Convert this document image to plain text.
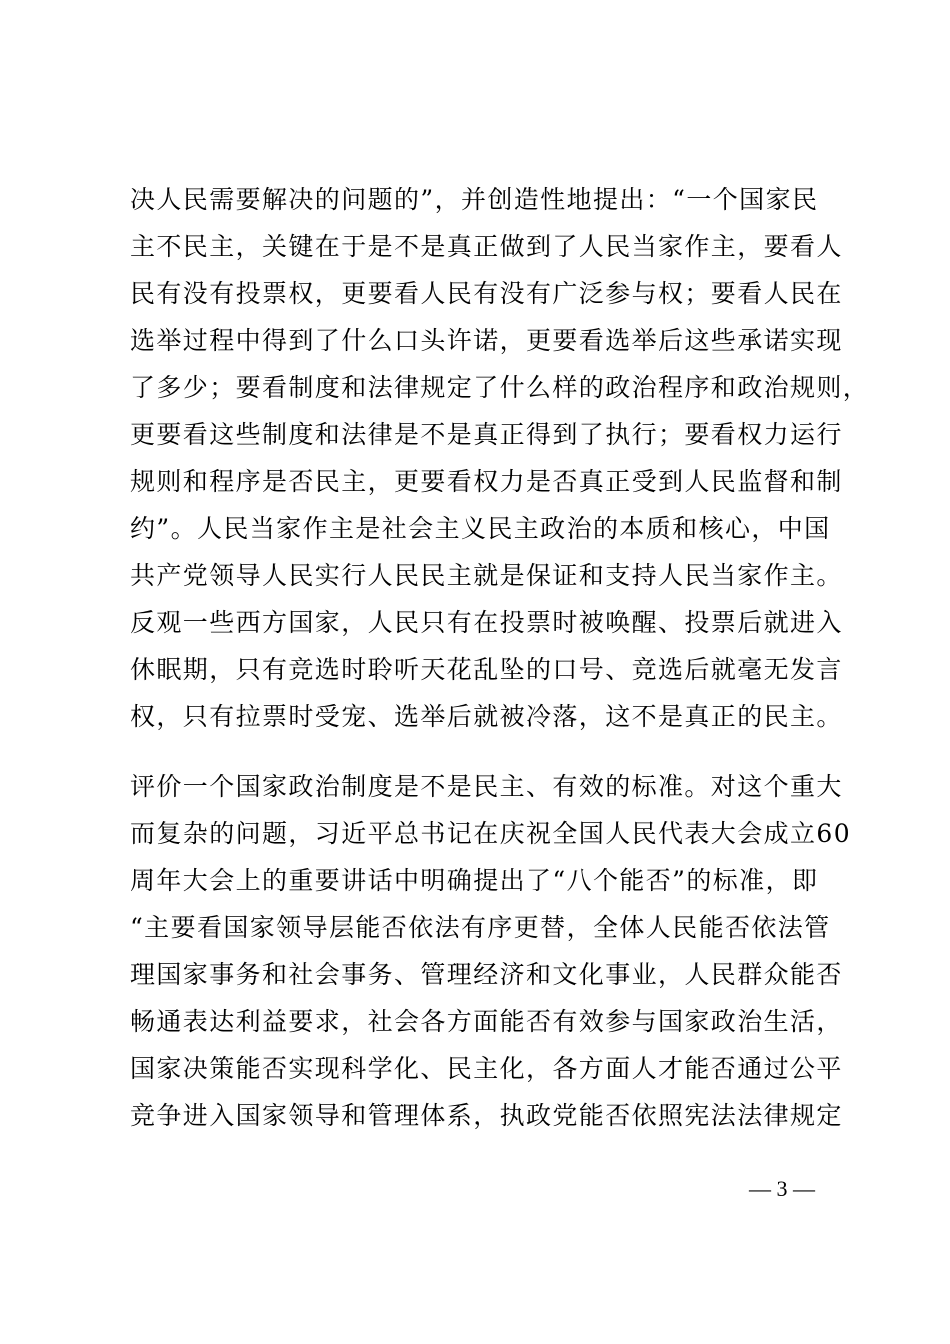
决人民需要解决的问题的”，并创造性地提出：“一个国家民
主不民主，关键在于是不是真正做到了人民当家作主，要看人
民有没有投票权，更要看人民有没有广泛参与权；要看人民在
选举过程中得到了什么口头许诺，更要看选举后这些承诺实现
了多少；要看制度和法律规定了什么样的政治程序和政治规则，
更要看这些制度和法律是不是真正得到了执行；要看权力运行
规则和程序是否民主，更要看权力是否真正受到人民监督和制
约”。人民当家作主是社会主义民主政治的本质和核心，中国
共产党领导人民实行人民民主就是保证和支持人民当家作主。
反观一些西方国家，人民只有在投票时被唤醒、投票后就进入
休眠期，只有竞选时聆听天花乱坠的口号、竞选后就毫无发言
权，只有拉票时受宠、选举后就被冷落，这不是真正的民主。
评价一个国家政治制度是不是民主、有效的标准。对这个重大
而复杂的问题，习近平总书记在庆祝全国人民代表大会成立60
周年大会上的重要讲话中明确提出了“八个能否”的标准，即
“主要看国家领导层能否依法有序更替，全体人民能否依法管
理国家事务和社会事务、管理经济和文化事业，人民群众能否
畅通表达利益要求，社会各方面能否有效参与国家政治生活，
国家决策能否实现科学化、民主化，各方面人才能否通过公平
竞争进入国家领导和管理体系，执政党能否依照宪法法律规定
— 3 —
